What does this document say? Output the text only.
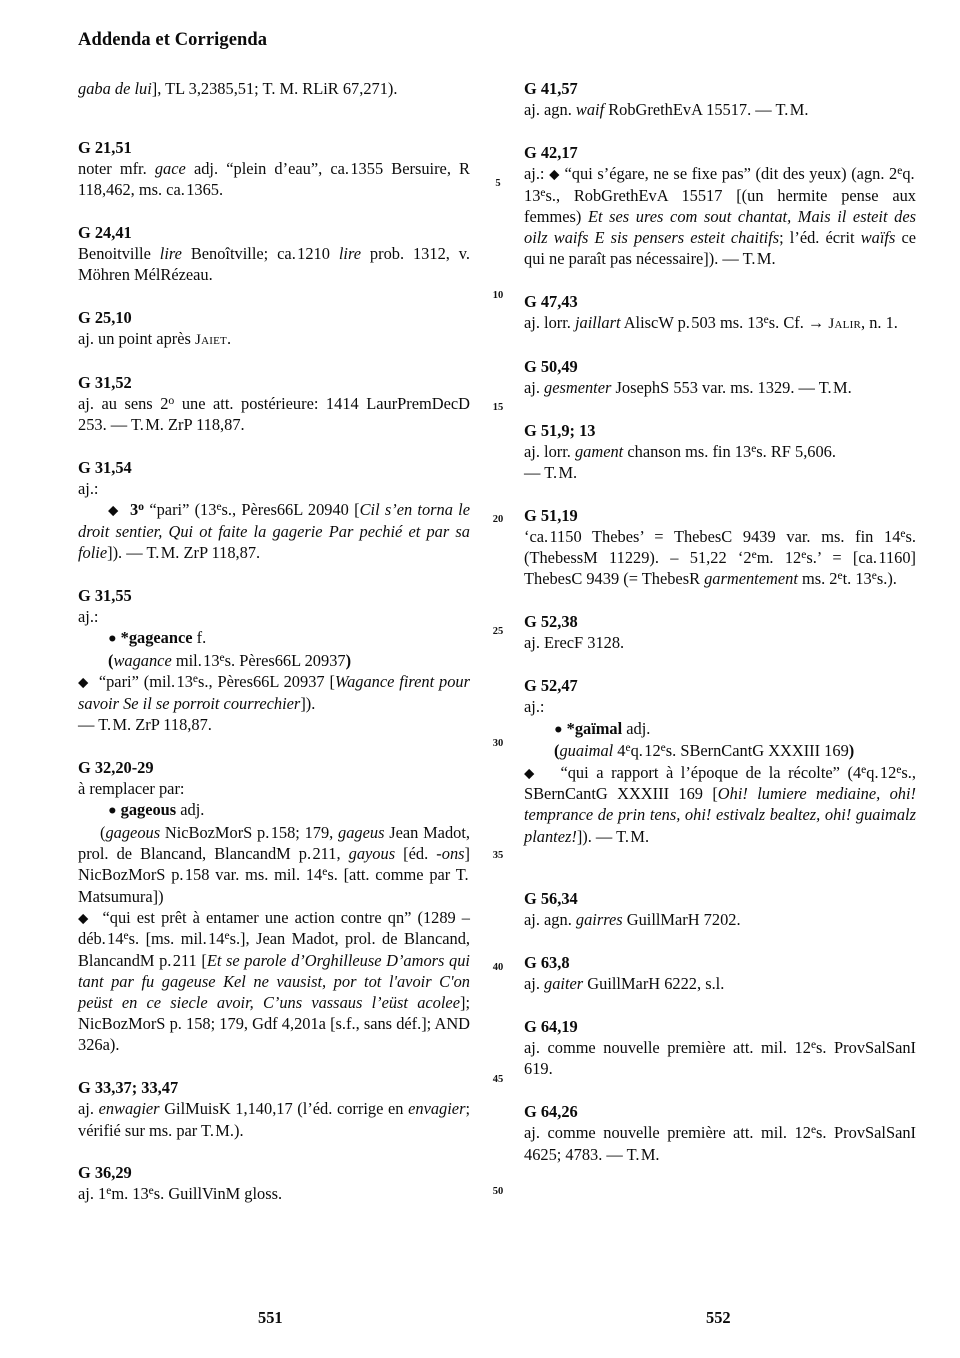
Addenda et Corrigenda

gaba de lui], TL 3,2385,51; T. M. RLiR 67,271).

G 21,51

noter mfr. gace adj. “plein d’eau”, ca. 1355 Bersuire, R 118,462, ms. ca. 1365.

G 24,41

Benoitville lire Benoîtville; ca. 1210 lire prob. 1312, v. Möhren MélRézeau.

G 25,10

aj. un point après Jaiet.

G 31,52

aj. au sens 2$^o$ une att. postérieure: 1414 LaurPremDecD 253. — T. M. ZrP 118,87.

G 31,54

aj.:

◆ 3$^o$ “pari” (13es., Pères66L 20940 [Cil s’en torna le droit sentier, Qui ot faite la gagerie Par pechié et par sa folie]). — T. M. ZrP 118,87.

G 31,55

aj.:

● *gageance f.

(wagance mil. 13es. Pères66L 20937)

◆  “pari” (mil. 13es., Pères66L 20937 [Wagance firent pour savoir Se il se porroit courrechier]).

— T. M. ZrP 118,87.

G 32,20-29

à remplacer par:

● gageous adj.

(gageous NicBozMorS p. 158; 179, gageus Jean Madot, prol. de Blancand, BlancandM p. 211, gayous [éd. -ons] NicBozMorS p. 158 var. ms. mil. 14es. [att. comme par T. Matsumura])

◆  “qui est prêt à entamer une action contre qn” (1289 – déb. 14es. [ms. mil. 14es.], Jean Madot, prol. de Blancand, BlancandM p. 211 [Et se parole d’Orghilleuse D’amors qui tant par fu gageuse Kel ne vausist, por tot l'avoir C'on peüst en ce siecle avoir, C’uns vassaus l’eüst acolee]; NicBozMorS p. 158; 179, Gdf 4,201a [s.f., sans déf.]; AND 326a).

G 33,37; 33,47

aj. enwagier GilMuisK 1,140,17 (l’éd. corrige en envagier; vérifié sur ms. par T. M.).

G 36,29

aj. 1em. 13es. GuillVinM gloss.

G 41,57

aj. agn. waif RobGrethEvA 15517. — T. M.

G 42,17

aj.: ◆ “qui s’égare, ne se fixe pas” (dit des yeux) (agn. 2eq. 13es., RobGrethEvA 15517 [(un hermite pense aux femmes) Et ses ures com sout chantat, Mais il esteit des oilz waifs E sis pensers esteit chaitifs; l’éd. écrit waïfs ce qui ne paraît pas nécessaire]). — T. M.

G 47,43

aj. lorr. jaillart AliscW p. 503 ms. 13es. Cf. → Jalir, n. 1.

G 50,49

aj. gesmenter JosephS 553 var. ms. 1329. — T. M.

G 51,9; 13

aj. lorr. gament chanson ms. fin 13es. RF 5,606.

— T. M.

G 51,19

‘ca. 1150 Thebes’ = ThebesC 9439 var. ms. fin 14es. (ThebessM 11229). – 51,22 ‘2em. $12^es$.’ = [ca. 1160] ThebesC 9439 (= ThebesR garmentement ms. 2et. 13es.).

G 52,38

aj. ErecF 3128.

G 52,47

aj.:

● *gaïmal adj.

(guaimal 4eq. 12es. SBernCantG XXXIII 169)

◆   “qui a rapport à l’époque de la récolte” (4eq. 12es., SBernCantG XXXIII 169 [Ohi! lumiere mediaine, ohi! temprance de prin tens, ohi! estivalz bealtez, ohi! guaimalz plantez!]). — T. M.

G 56,34

aj. agn. gairres GuillMarH 7202.

G 63,8

aj. gaiter GuillMarH 6222, s.l.

G 64,19

aj. comme nouvelle première att. mil. 12es. ProvSalSanI 619.

G 64,26

aj. comme nouvelle première att. mil. 12es. ProvSalSanI 4625; 4783. — T. M.

5
10
15
20
25
30
35
40
45
50
551	552
